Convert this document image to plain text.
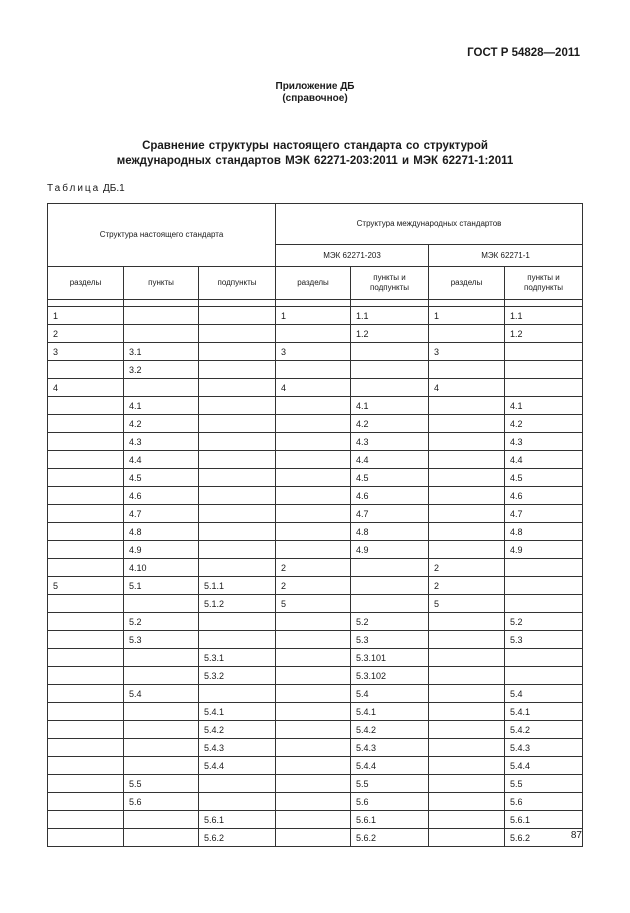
ГОСТ Р 54828—2011
Приложение ДБ
(справочное)
Сравнение структуры настоящего стандарта со структурой
международных стандартов МЭК 62271-203:2011 и МЭК 62271-1:2011
Таблица ДБ.1
Структура настоящего стандарта			Структура международных стандартов			
			МЭК 62271-203		МЭК 62271-1	
разделы	пункты	подпункты	разделы	пункты и подпункты	разделы	пункты и подпункты

1			1	1.1	1	1.1
2				1.2		1.2
3	3.1		3		3	
	3.2					
4			4		4	
	4.1			4.1		4.1
	4.2			4.2		4.2
	4.3			4.3		4.3
	4.4			4.4		4.4
	4.5			4.5		4.5
	4.6			4.6		4.6
	4.7			4.7		4.7
	4.8			4.8		4.8
	4.9			4.9		4.9
	4.10		2		2	
5	5.1	5.1.1	2		2	
		5.1.2	5		5	
	5.2			5.2		5.2
	5.3			5.3		5.3
		5.3.1		5.3.101		
		5.3.2		5.3.102		
	5.4			5.4		5.4
		5.4.1		5.4.1		5.4.1
		5.4.2		5.4.2		5.4.2
		5.4.3		5.4.3		5.4.3
		5.4.4		5.4.4		5.4.4
	5.5			5.5		5.5
	5.6			5.6		5.6
		5.6.1		5.6.1		5.6.1
		5.6.2		5.6.2		5.6.2	87
